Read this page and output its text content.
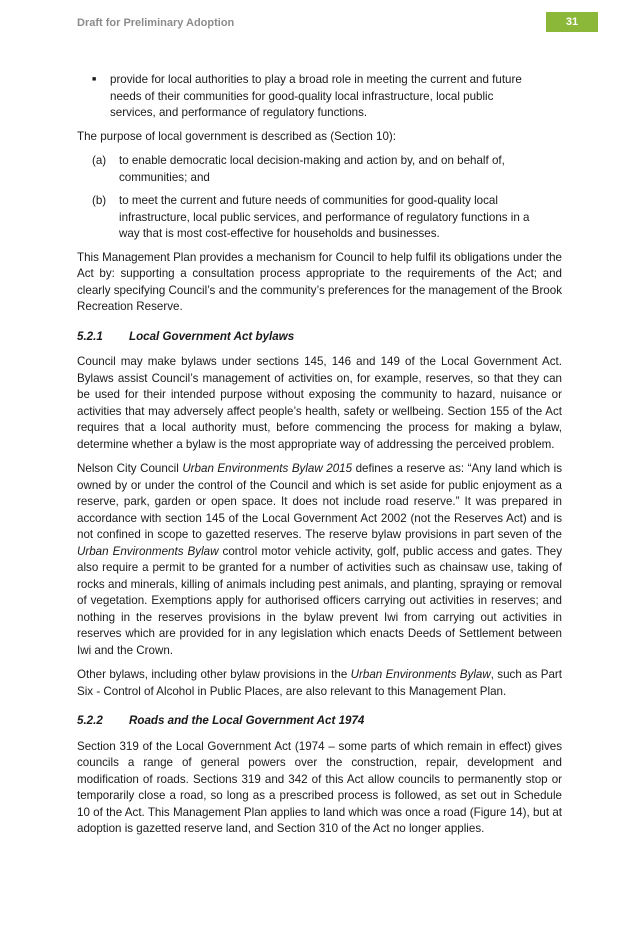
Draft for Preliminary Adoption	31
■	provide for local authorities to play a broad role in meeting the current and future needs of their communities for good-quality local infrastructure, local public services, and performance of regulatory functions.

The purpose of local government is described as (Section 10):

(a)	to enable democratic local decision-making and action by, and on behalf of, communities; and
(b)	to meet the current and future needs of communities for good-quality local infrastructure, local public services, and performance of regulatory functions in a way that is most cost-effective for households and businesses.

This Management Plan provides a mechanism for Council to help fulfil its obligations under the Act by: supporting a consultation process appropriate to the requirements of the Act; and clearly specifying Council’s and the community’s preferences for the management of the Brook Recreation Reserve.

5.2.1	Local Government Act bylaws

Council may make bylaws under sections 145, 146 and 149 of the Local Government Act. Bylaws assist Council’s management of activities on, for example, reserves, so that they can be used for their intended purpose without exposing the community to hazard, nuisance or activities that may adversely affect people’s health, safety or wellbeing. Section 155 of the Act requires that a local authority must, before commencing the process for making a bylaw, determine whether a bylaw is the most appropriate way of addressing the perceived problem.

Nelson City Council Urban Environments Bylaw 2015 defines a reserve as: “Any land which is owned by or under the control of the Council and which is set aside for public enjoyment as a reserve, park, garden or open space. It does not include road reserve.” It was prepared in accordance with section 145 of the Local Government Act 2002 (not the Reserves Act) and is not confined in scope to gazetted reserves. The reserve bylaw provisions in part seven of the Urban Environments Bylaw control motor vehicle activity, golf, public access and gates. They also require a permit to be granted for a number of activities such as chainsaw use, taking of rocks and minerals, killing of animals including pest animals, and planting, spraying or removal of vegetation. Exemptions apply for authorised officers carrying out activities in reserves; and nothing in the reserves provisions in the bylaw prevent Iwi from carrying out activities in reserves which are provided for in any legislation which enacts Deeds of Settlement between Iwi and the Crown.

Other bylaws, including other bylaw provisions in the Urban Environments Bylaw, such as Part Six - Control of Alcohol in Public Places, are also relevant to this Management Plan.

5.2.2	Roads and the Local Government Act 1974

Section 319 of the Local Government Act (1974 – some parts of which remain in effect) gives councils a range of general powers over the construction, repair, development and modification of roads. Sections 319 and 342 of this Act allow councils to permanently stop or temporarily close a road, so long as a prescribed process is followed, as set out in Schedule 10 of the Act. This Management Plan applies to land which was once a road (Figure 14), but at adoption is gazetted reserve land, and Section 310 of the Act no longer applies.
